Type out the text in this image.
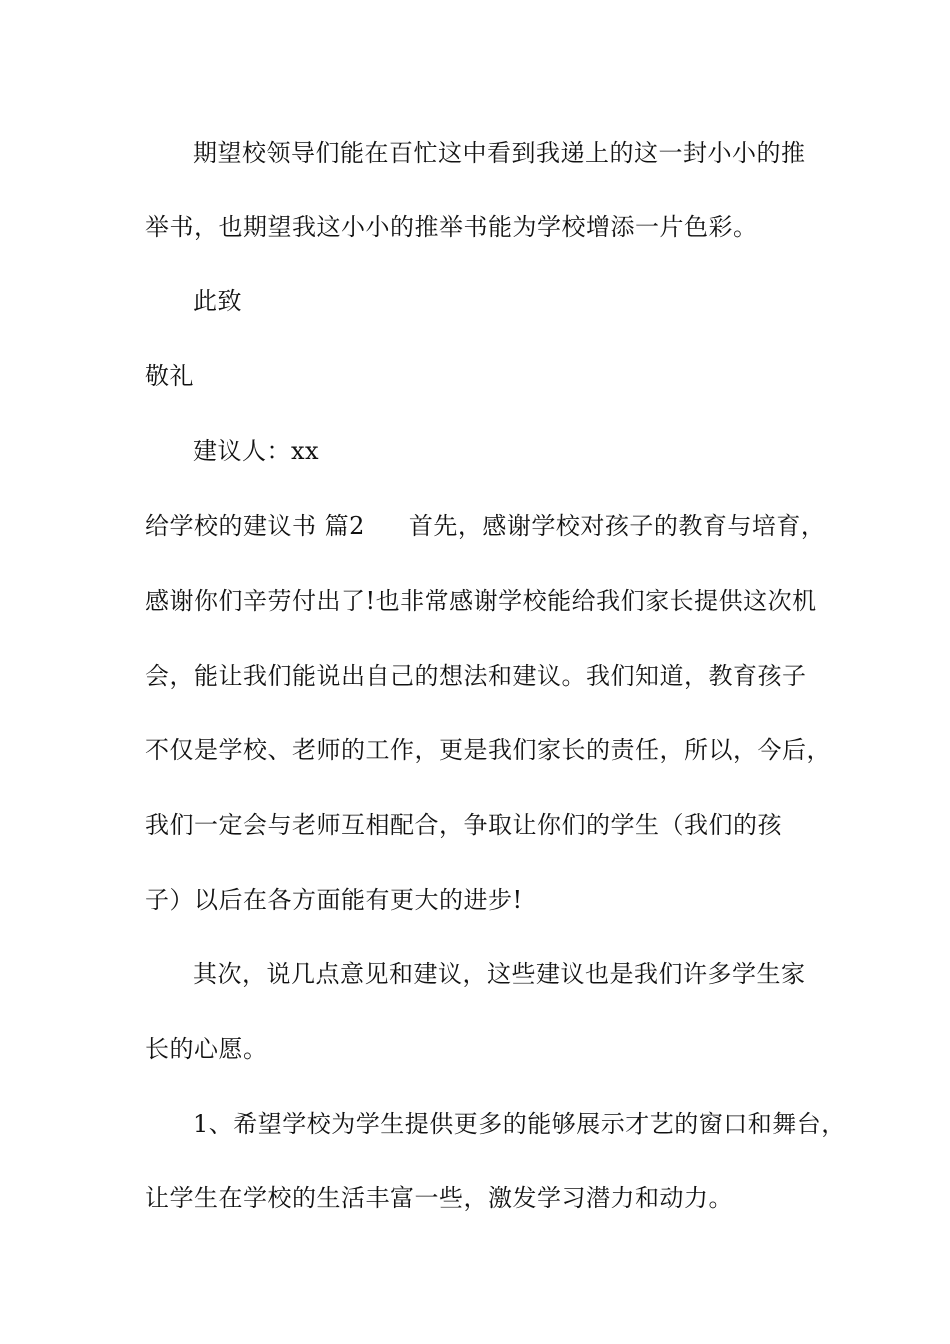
期望校领导们能在百忙这中看到我递上的这一封小小的推
举书，也期望我这小小的推举书能为学校增添一片色彩。
此致
敬礼
建议人：xx
给学校的建议书 篇2 首先，感谢学校对孩子的教育与培育，
感谢你们辛劳付出了!也非常感谢学校能给我们家长提供这次机
会，能让我们能说出自己的想法和建议。我们知道，教育孩子
不仅是学校、老师的工作，更是我们家长的责任，所以，今后，
我们一定会与老师互相配合，争取让你们的学生（我们的孩
子）以后在各方面能有更大的进步!
其次，说几点意见和建议，这些建议也是我们许多学生家
长的心愿。
1、希望学校为学生提供更多的能够展示才艺的窗口和舞台，
让学生在学校的生活丰富一些，激发学习潜力和动力。
